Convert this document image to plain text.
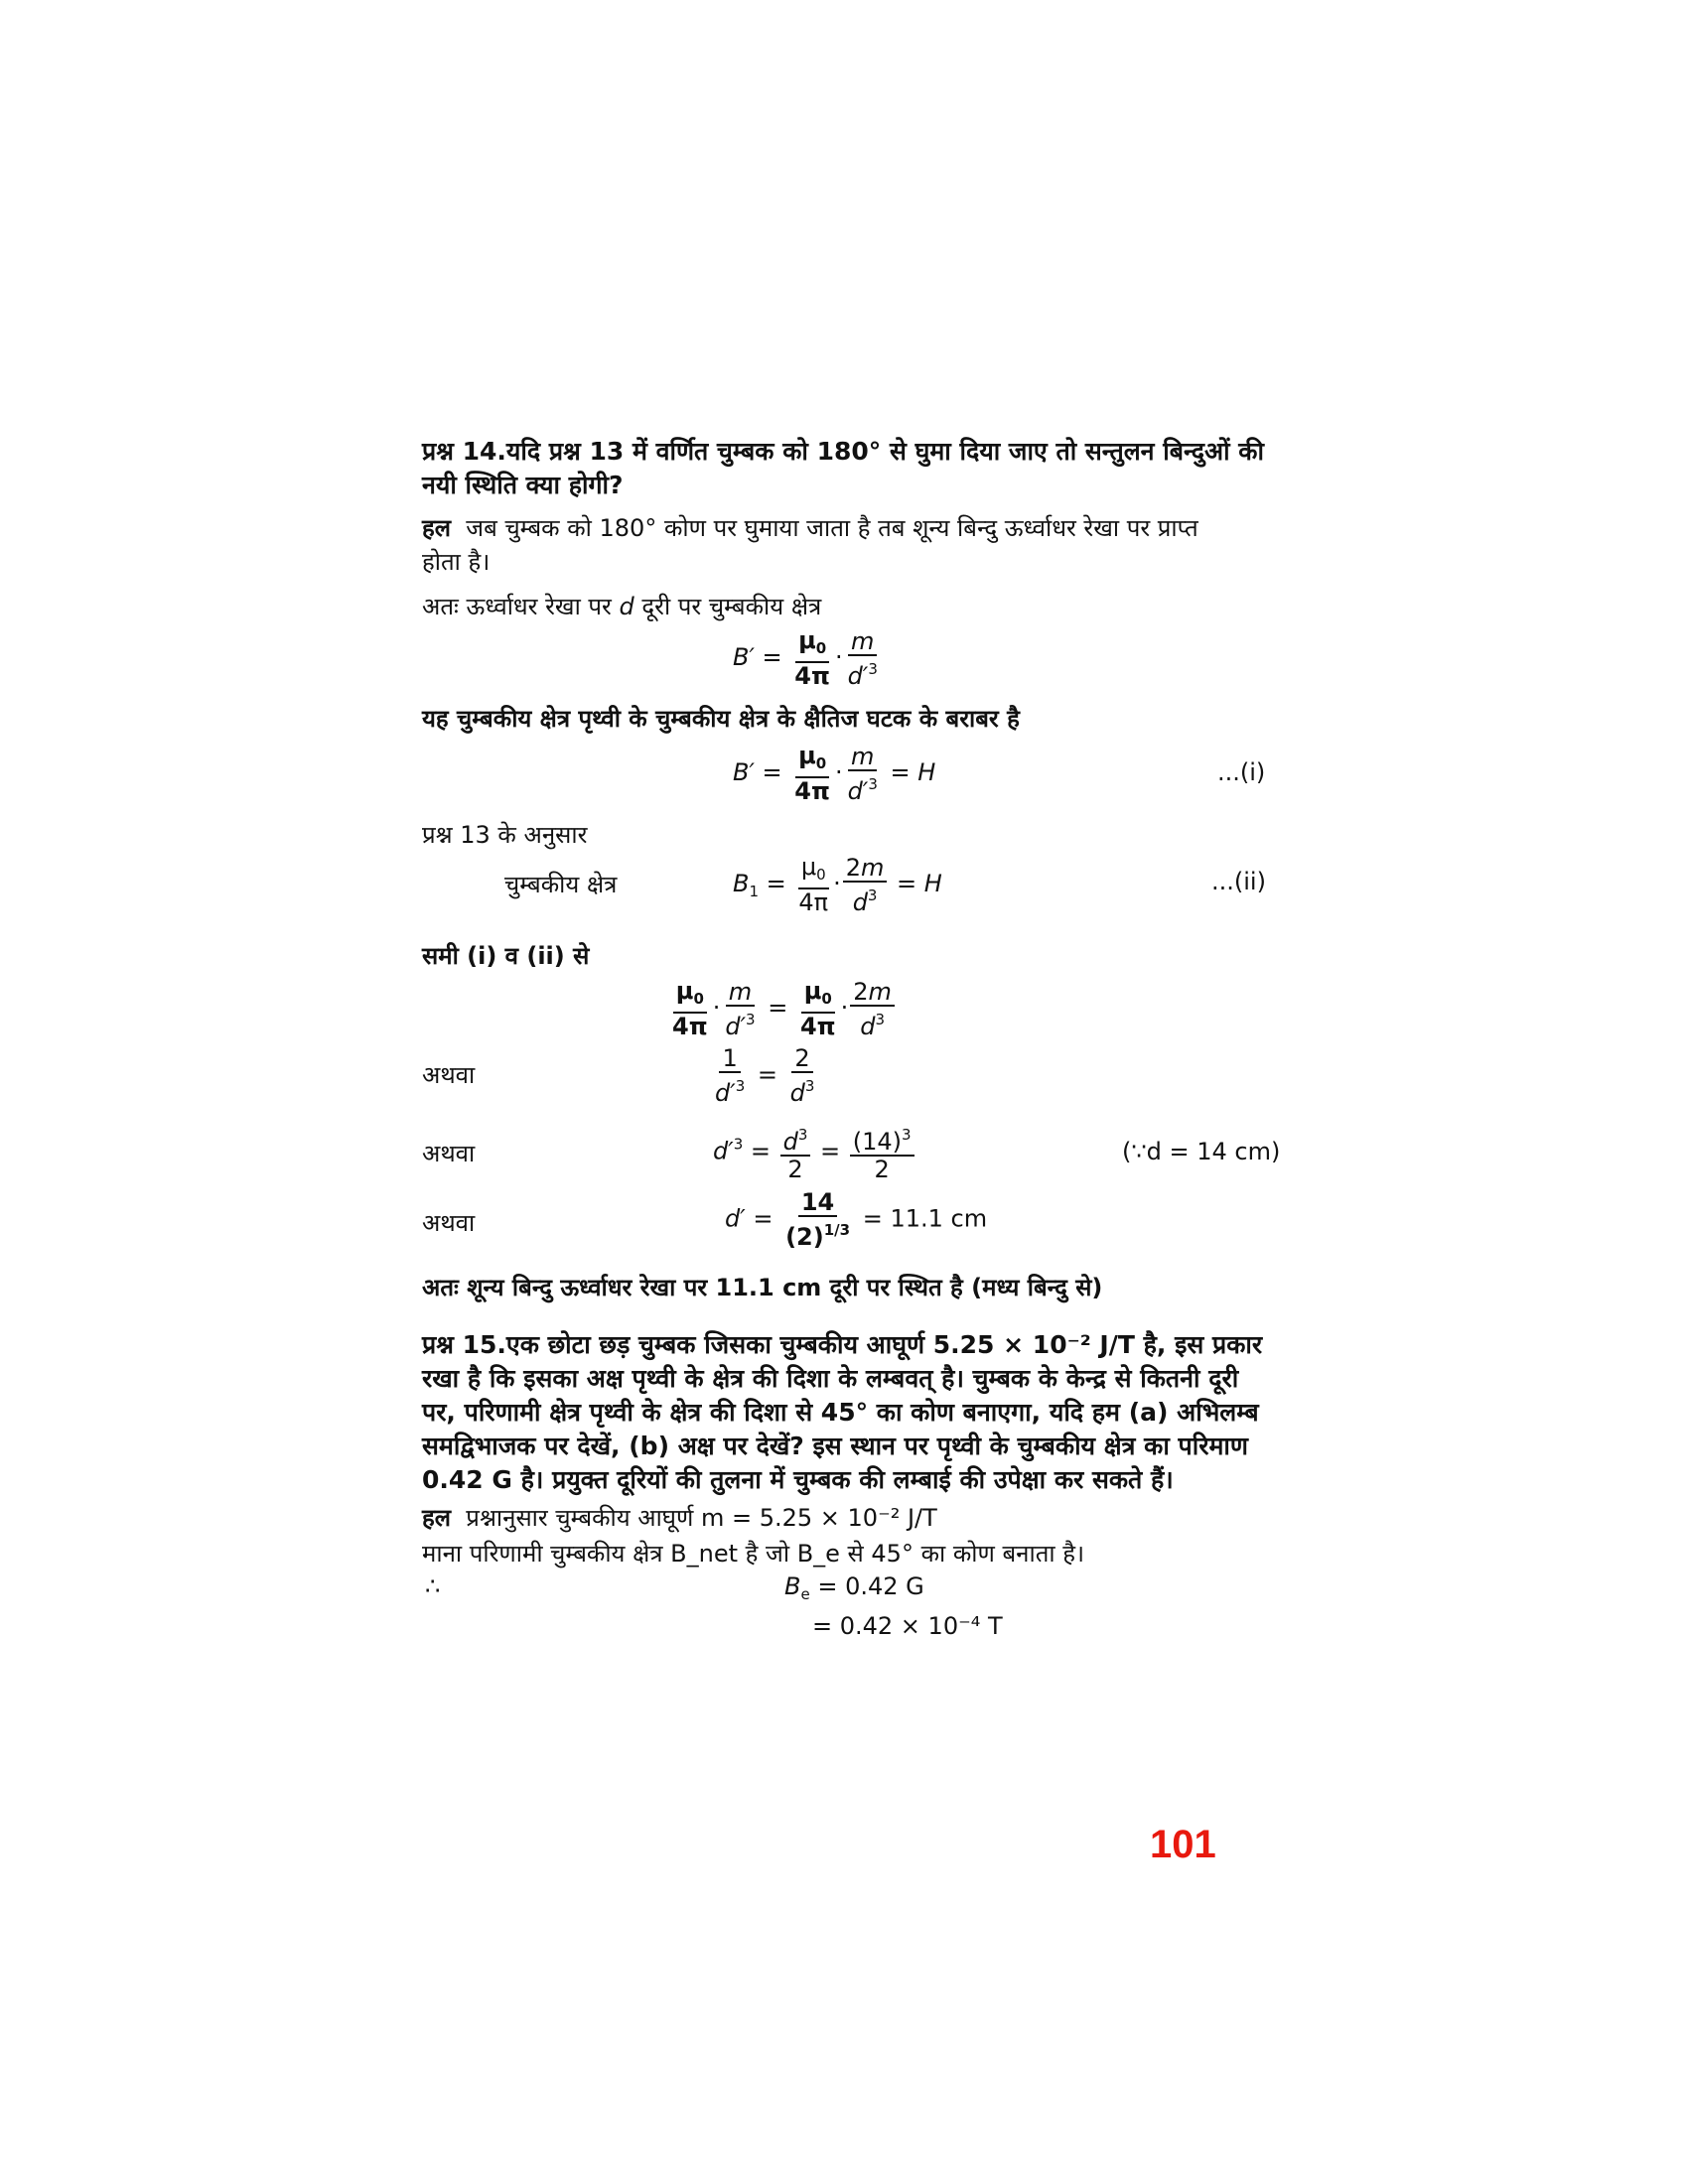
प्रश्न 14.यदि प्रश्न 13 में वर्णित चुम्बक को 180° से घुमा दिया जाए तो सन्तुलन बिन्दुओं की
नयी स्थिति क्या होगी?
हल जब चुम्बक को 180° कोण पर घुमाया जाता है तब शून्य बिन्दु ऊर्ध्वाधर रेखा पर प्राप्त
होता है।
अतः ऊर्ध्वाधर रेखा पर d दूरी पर चुम्बकीय क्षेत्र
$B' = \frac{\mu_0}{4\pi} \cdot \frac{m}{d'^3}$
यह चुम्बकीय क्षेत्र पृथ्वी के चुम्बकीय क्षेत्र के क्षैतिज घटक के बराबर है
$B' = \frac{\mu_0}{4\pi} \cdot \frac{m}{d'^3} = H$	...(i)
प्रश्न 13 के अनुसार
चुम्बकीय क्षेत्र	$B_1 = \frac{\mu_0}{4\pi} \cdot \frac{2m}{d^3} = H$	...(ii)
समी (i) व (ii) से
$\frac{\mu_0}{4\pi} \cdot \frac{m}{d'^3} = \frac{\mu_0}{4\pi} \cdot \frac{2m}{d^3}$
अथवा	$\frac{1}{d'^3} = \frac{2}{d^3}$
अथवा	$d'^3 = \frac{d^3}{2} = \frac{(14)^3}{2}$	(∵d = 14 cm)
अथवा	$d' = \frac{14}{(2)^{1/3}} = 11.1$ cm
अतः शून्य बिन्दु ऊर्ध्वाधर रेखा पर 11.1 cm दूरी पर स्थित है (मध्य बिन्दु से)
प्रश्न 15.एक छोटा छड़ चुम्बक जिसका चुम्बकीय आघूर्ण 5.25 × 10⁻² J/T है, इस प्रकार
रखा है कि इसका अक्ष पृथ्वी के क्षेत्र की दिशा के लम्बवत् है। चुम्बक के केन्द्र से कितनी दूरी
पर, परिणामी क्षेत्र पृथ्वी के क्षेत्र की दिशा से 45° का कोण बनाएगा, यदि हम (a) अभिलम्ब
समद्विभाजक पर देखें, (b) अक्ष पर देखें? इस स्थान पर पृथ्वी के चुम्बकीय क्षेत्र का परिमाण
0.42 G है। प्रयुक्त दूरियों की तुलना में चुम्बक की लम्बाई की उपेक्षा कर सकते हैं।
हल प्रश्नानुसार चुम्बकीय आघूर्ण m = 5.25 × 10⁻² J/T
माना परिणामी चुम्बकीय क्षेत्र B_net है जो B_e से 45° का कोण बनाता है।
∴	$B_e = 0.42$ G
= 0.42 × 10⁻⁴ T
101
